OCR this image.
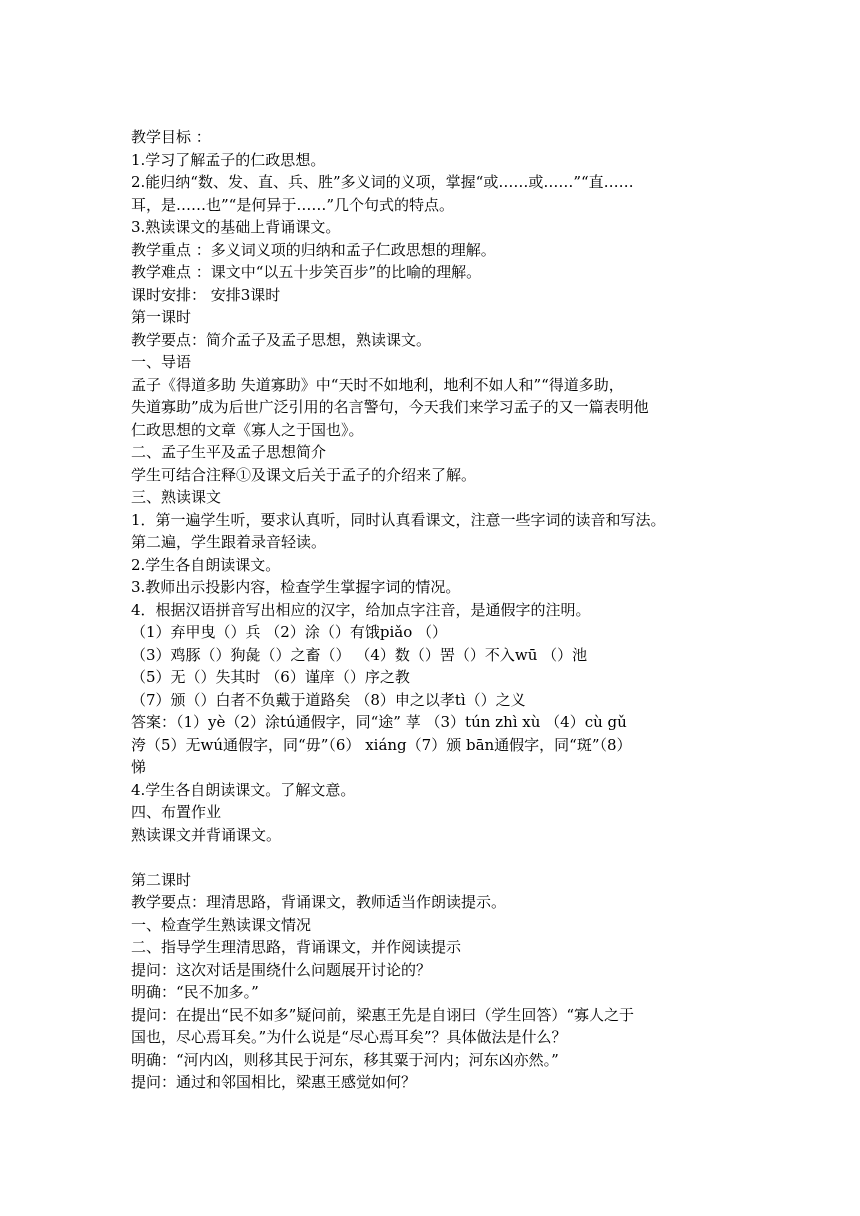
教学目标 ：
1.学习了解孟子的仁政思想。
2.能归纳“数、发、直、兵、胜”多义词的义项，掌握“或……或……”“直……
耳，是……也”“是何异于……”几个句式的特点。
3.熟读课文的基础上背诵课文。
教学重点 ：多义词义项的归纳和孟子仁政思想的理解。
教学难点 ：课文中“以五十步笑百步”的比喻的理解。
课时安排： 安排3课时
第一课时
教学要点：简介孟子及孟子思想，熟读课文。
一、导语
孟子《得道多助 失道寡助》中“天时不如地利，地利不如人和”“得道多助，
失道寡助”成为后世广泛引用的名言警句，今天我们来学习孟子的又一篇表明他
仁政思想的文章《寡人之于国也》。
二、孟子生平及孟子思想简介
学生可结合注释①及课文后关于孟子的介绍来了解。
三、熟读课文
1．第一遍学生听，要求认真听，同时认真看课文，注意一些字词的读音和写法。
第二遍，学生跟着录音轻读。
2.学生各自朗读课文。
3.教师出示投影内容，检查学生掌握字词的情况。
4．根据汉语拼音写出相应的汉字，给加点字注音，是通假字的注明。
（1）弃甲曳（）兵 （2）涂（）有饿piǎo （）
（3）鸡豚（）狗彘（）之畜（） （4）数（）罟（）不入wū （）池
（5）无（）失其时 （6）谨庠（）序之教
（7）颁（）白者不负戴于道路矣 （8）申之以孝tì（）之义
答案：（1）yè（2）涂tú通假字，同“途” 莩 （3）tún zhì xù （4）cù gǔ
洿（5）无wú通假字，同“毋”（6） xiáng（7）颁 bān通假字，同“斑”（8）
悌
4.学生各自朗读课文。了解文意。
四、布置作业
熟读课文并背诵课文。
第二课时
教学要点：理清思路，背诵课文，教师适当作朗读提示。
一、检查学生熟读课文情况
二、指导学生理清思路，背诵课文，并作阅读提示
提问：这次对话是围绕什么问题展开讨论的？
明确：“民不加多。”
提问：在提出“民不如多”疑问前，梁惠王先是自诩曰（学生回答）“寡人之于
国也，尽心焉耳矣。”为什么说是“尽心焉耳矣”？具体做法是什么？
明确：“河内凶，则移其民于河东，移其粟于河内；河东凶亦然。”
提问：通过和邻国相比，梁惠王感觉如何？
